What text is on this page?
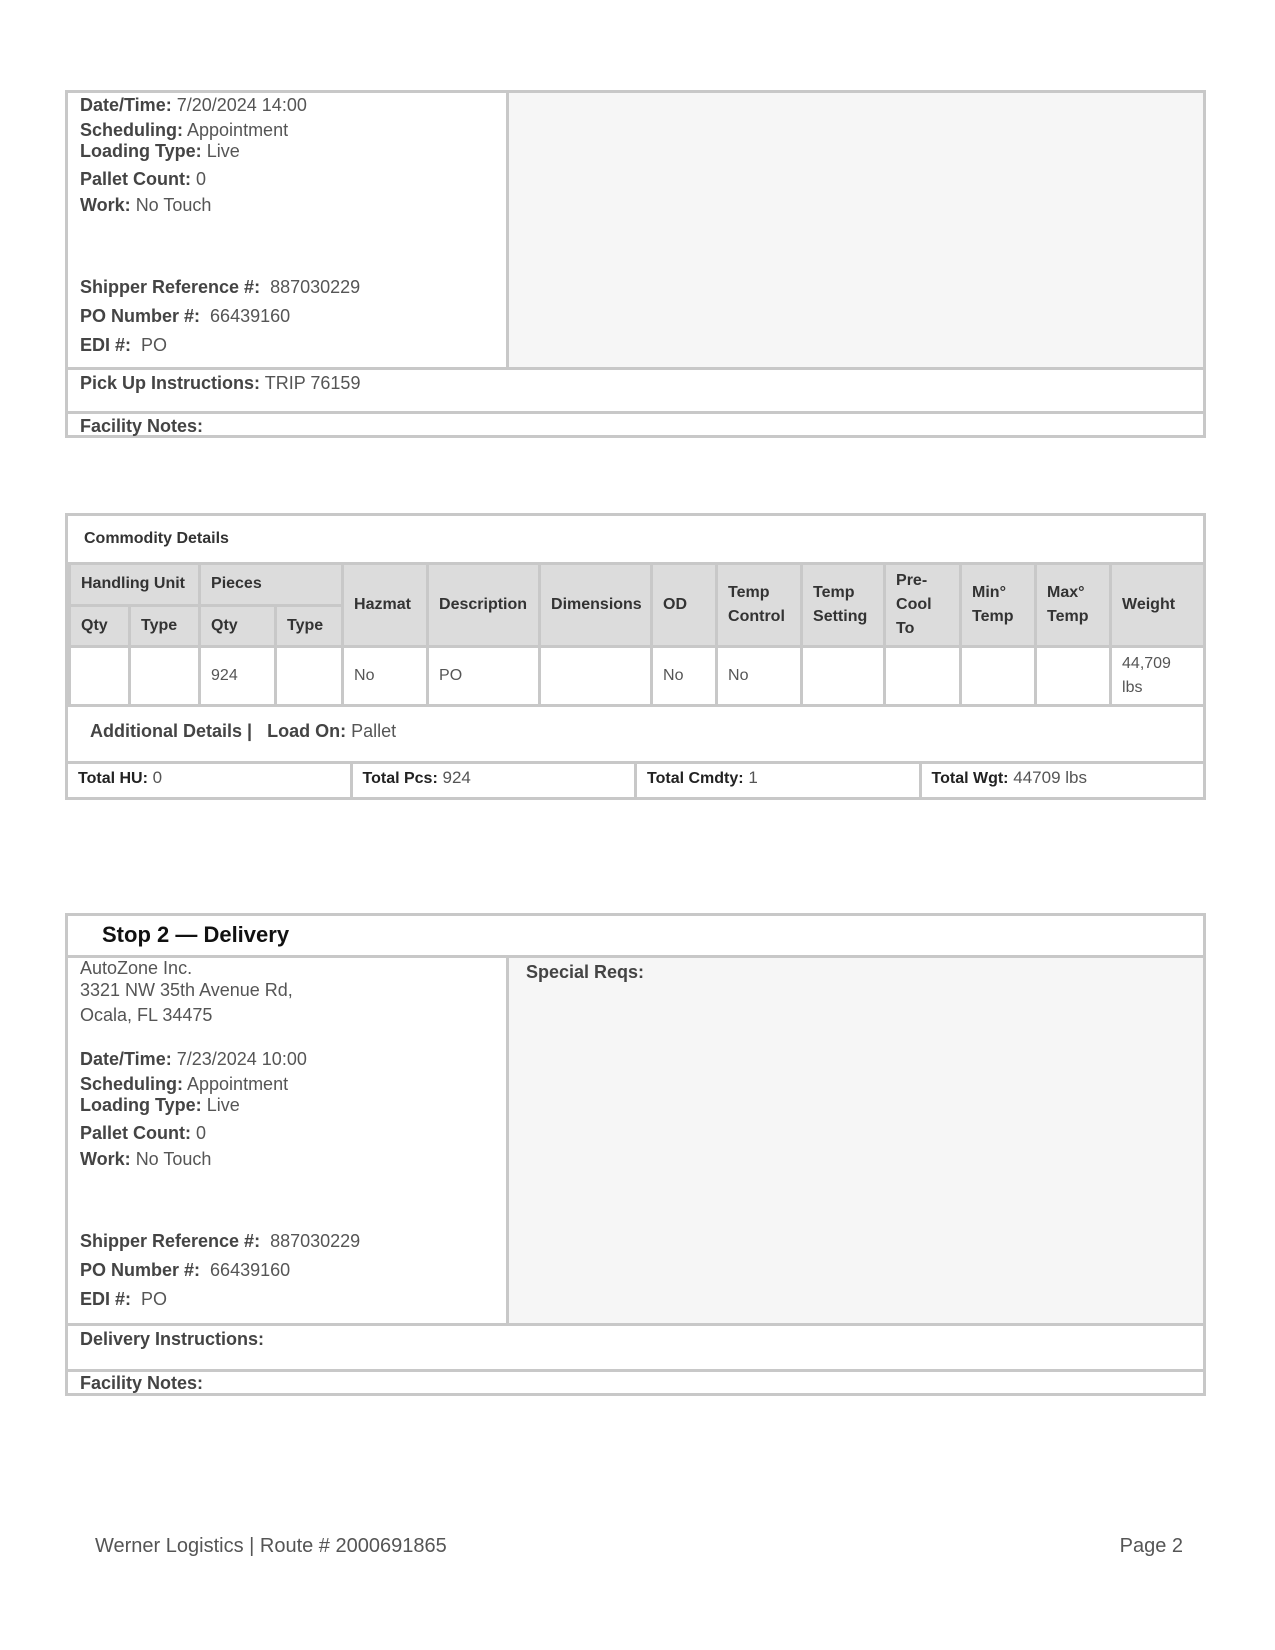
Date/Time: 7/20/2024 14:00
Scheduling: Appointment
Loading Type: Live
Pallet Count: 0
Work: No Touch
Shipper Reference #: 887030229
PO Number #: 66439160
EDI #: PO
Pick Up Instructions: TRIP 76159
Facility Notes:
Commodity Details
Handling Unit		Pieces		Hazmat	Description	Dimensions	OD	Temp Control	Temp Setting	Pre-Cool To	Min° Temp	Max° Temp	Weight
Qty	Type	Qty	Type										
		924		No	PO		No	No					44,709 lbs
Additional Details | Load On: Pallet
Total HU: 0	Total Pcs: 924	Total Cmdty: 1	Total Wgt: 44709 lbs
Stop 2 — Delivery
AutoZone Inc.
3321 NW 35th Avenue Rd,
Ocala, FL 34475
Date/Time: 7/23/2024 10:00
Scheduling: Appointment
Loading Type: Live
Pallet Count: 0
Work: No Touch
Shipper Reference #: 887030229
PO Number #: 66439160
EDI #: PO
Special Reqs:
Delivery Instructions:
Facility Notes:
Werner Logistics | Route # 2000691865	Page 2
